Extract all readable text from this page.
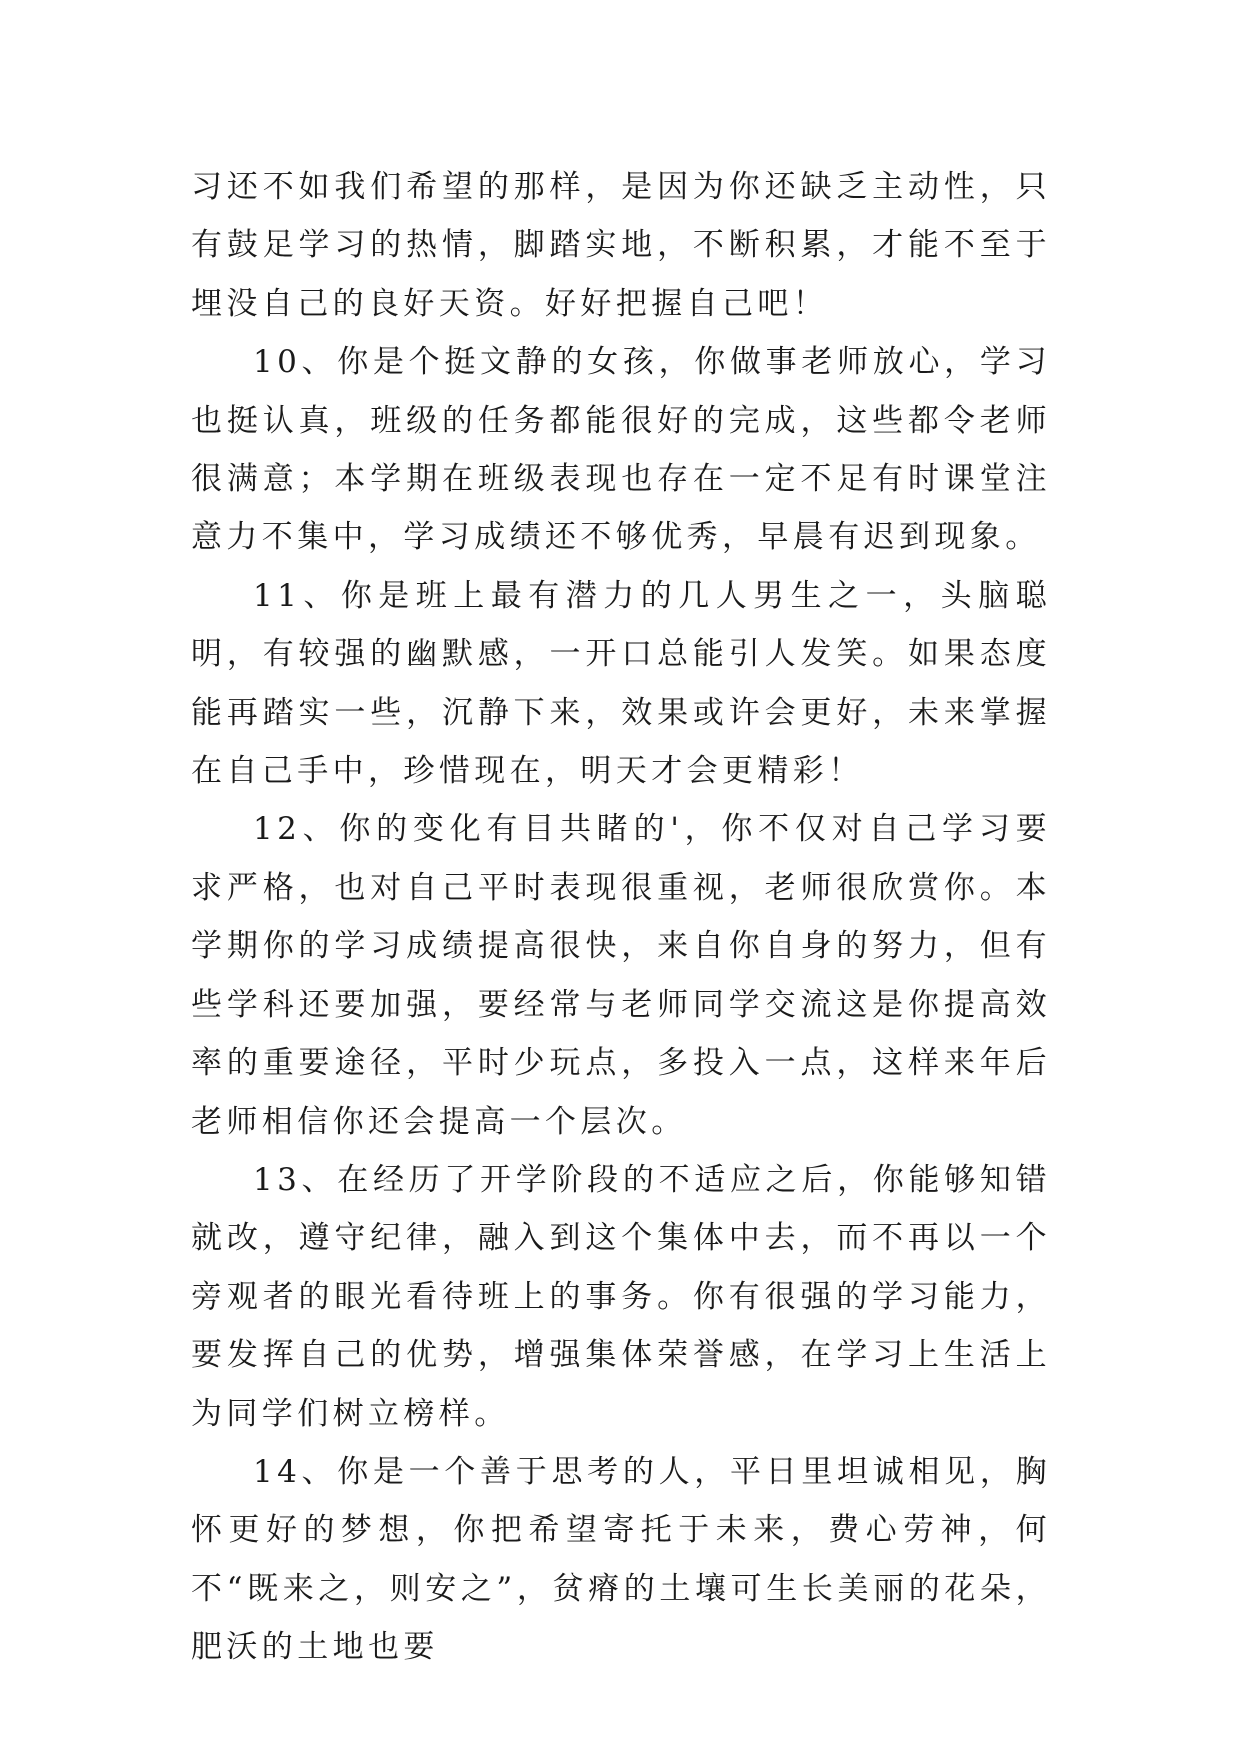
习还不如我们希望的那样，是因为你还缺乏主动性，只有鼓足学习的热情，脚踏实地，不断积累，才能不至于埋没自己的良好天资。好好把握自己吧！

10、你是个挺文静的女孩，你做事老师放心，学习也挺认真，班级的任务都能很好的完成，这些都令老师很满意；本学期在班级表现也存在一定不足有时课堂注意力不集中，学习成绩还不够优秀，早晨有迟到现象。

11、你是班上最有潜力的几人男生之一，头脑聪明，有较强的幽默感，一开口总能引人发笑。如果态度能再踏实一些，沉静下来，效果或许会更好，未来掌握在自己手中，珍惜现在，明天才会更精彩！

12、你的变化有目共睹的'，你不仅对自己学习要求严格，也对自己平时表现很重视，老师很欣赏你。本学期你的学习成绩提高很快，来自你自身的努力，但有些学科还要加强，要经常与老师同学交流这是你提高效率的重要途径，平时少玩点，多投入一点，这样来年后老师相信你还会提高一个层次。

13、在经历了开学阶段的不适应之后，你能够知错就改，遵守纪律，融入到这个集体中去，而不再以一个旁观者的眼光看待班上的事务。你有很强的学习能力，要发挥自己的优势，增强集体荣誉感，在学习上生活上为同学们树立榜样。

14、你是一个善于思考的人，平日里坦诚相见，胸怀更好的梦想，你把希望寄托于未来，费心劳神，何不“既来之，则安之”，贫瘠的土壤可生长美丽的花朵，肥沃的土地也要
